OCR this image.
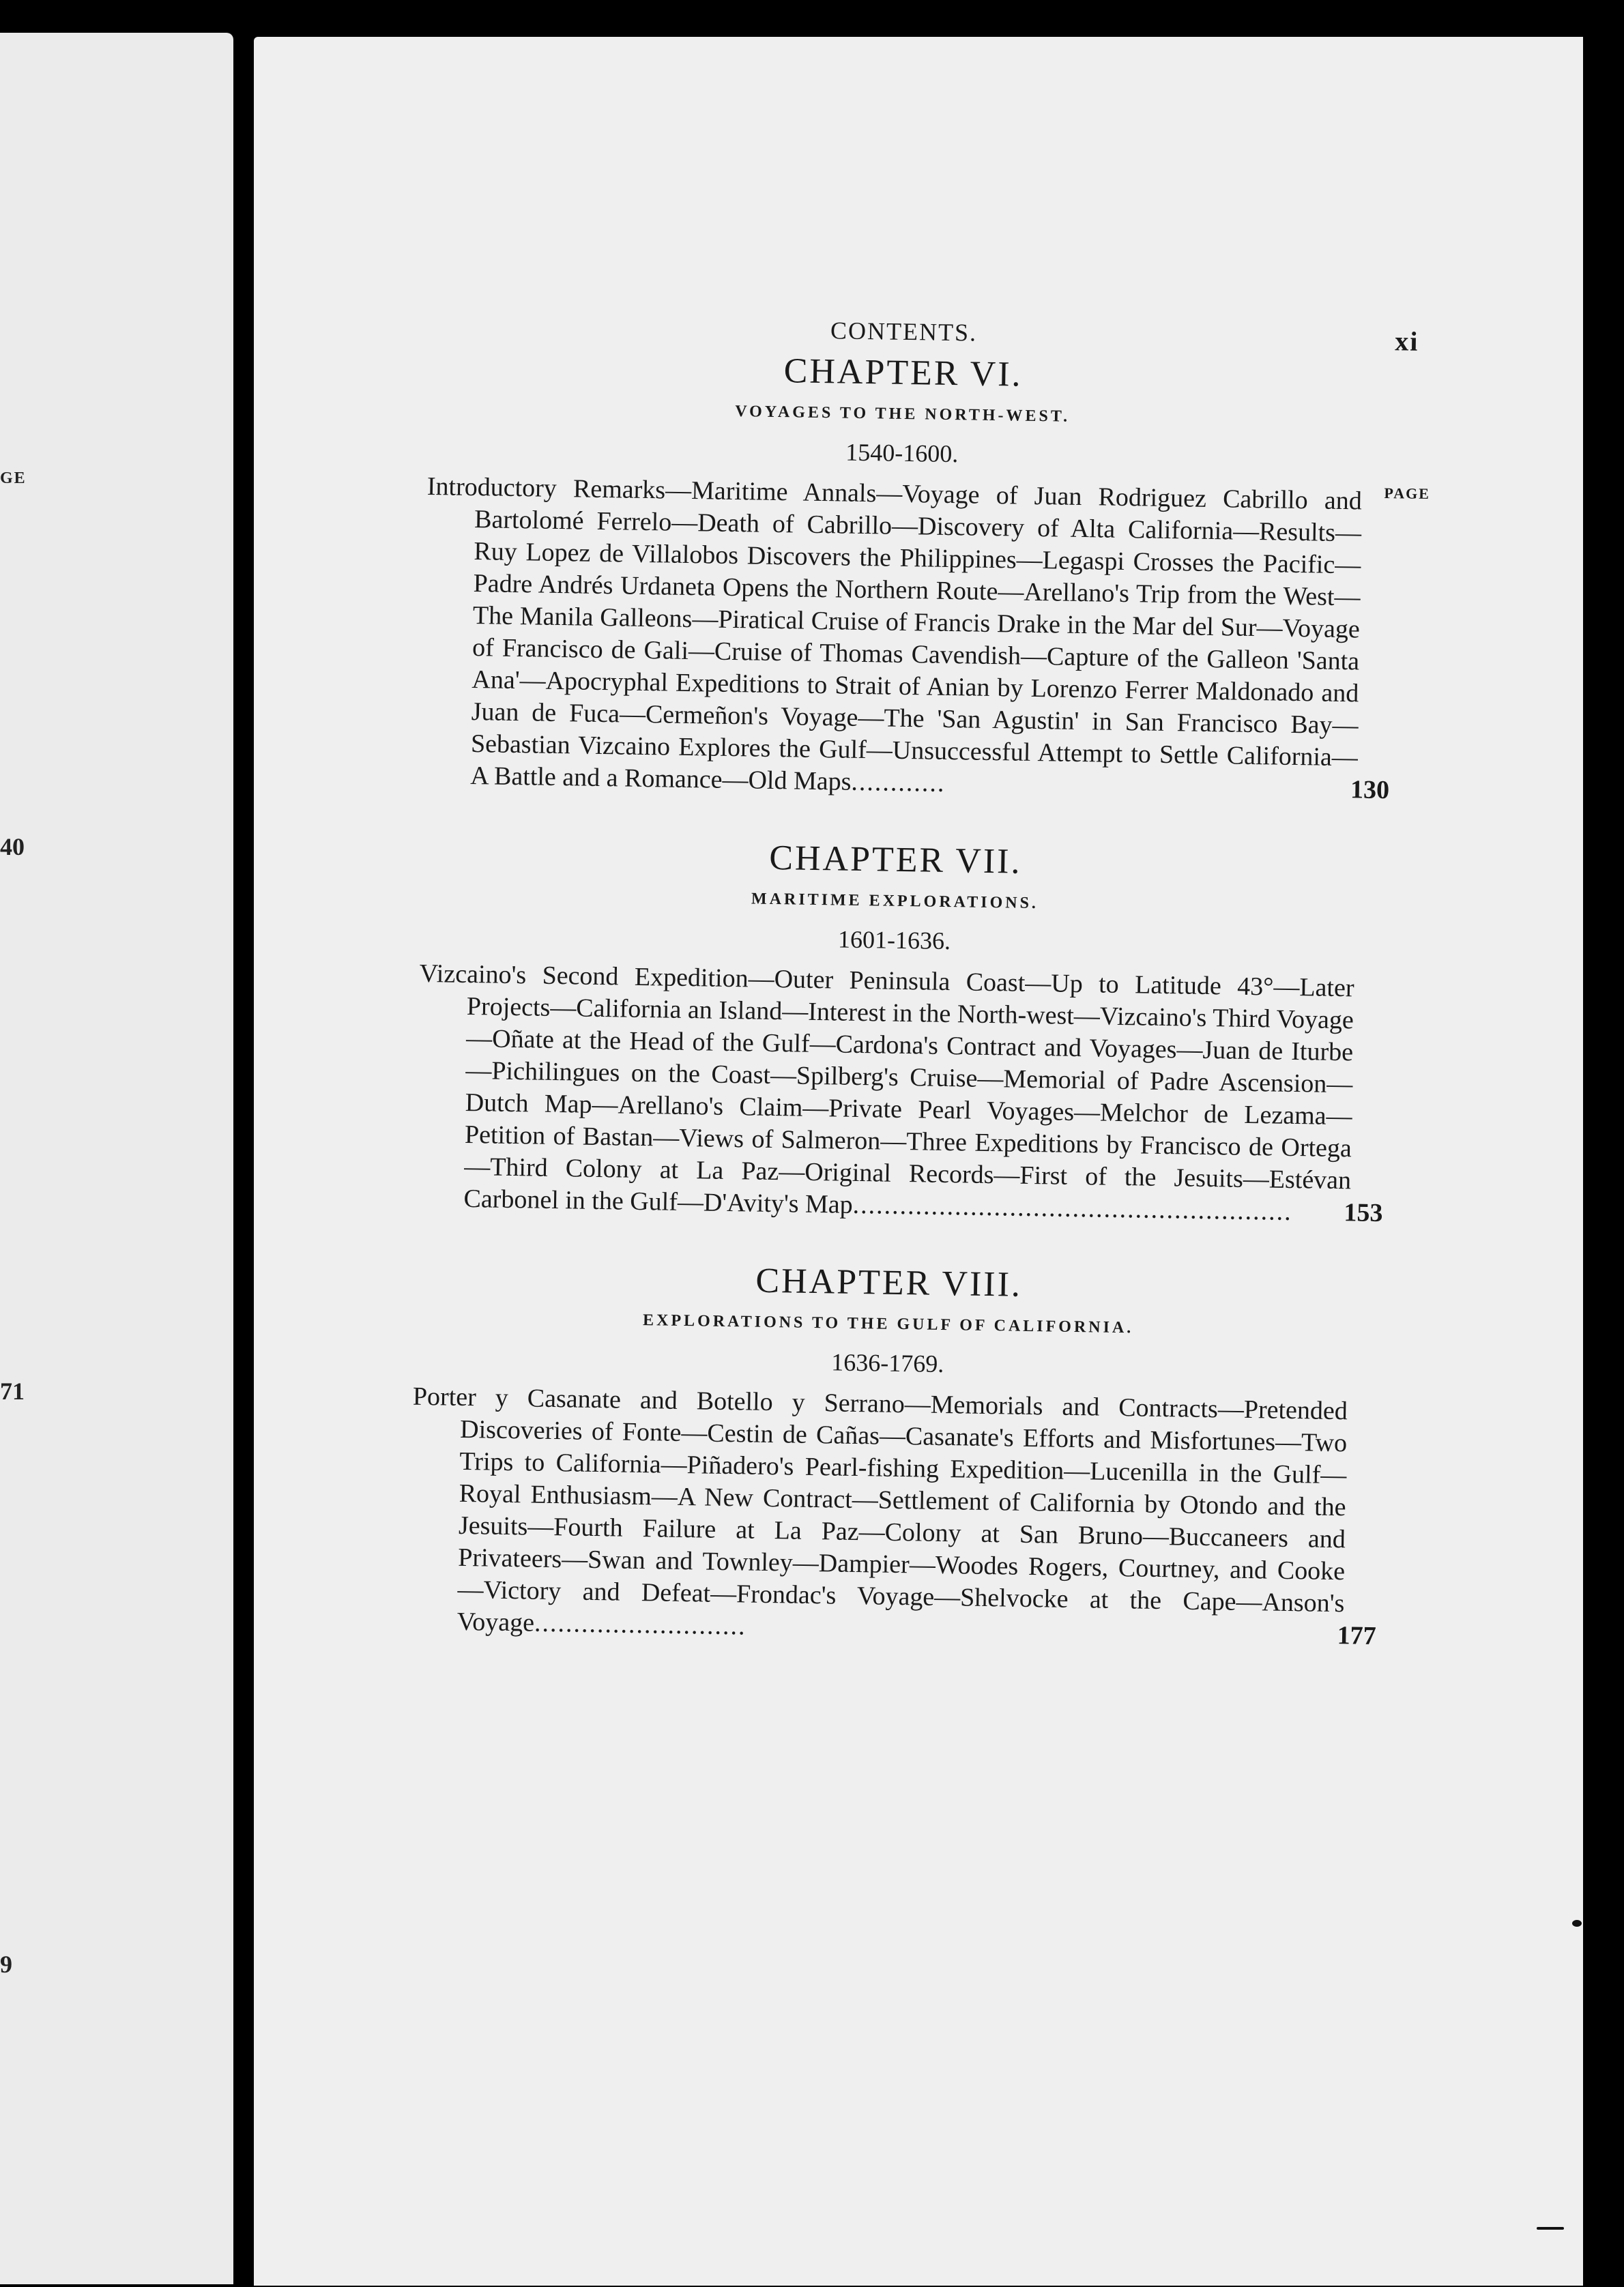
GE
40
71
9
CONTENTS.	xi
CHAPTER VI.
VOYAGES TO THE NORTH-WEST.
1540-1600.
PAGE
Introductory Remarks—Maritime Annals—Voyage of Juan Rodriguez Cabrillo and Bartolomé Ferrelo—Death of Cabrillo—Discovery of Alta California—Results—Ruy Lopez de Villalobos Discovers the Philippines—Legaspi Crosses the Pacific—Padre Andrés Urdaneta Opens the Northern Route—Arellano's Trip from the West—The Manila Galleons—Piratical Cruise of Francis Drake in the Mar del Sur—Voyage of Francisco de Gali—Cruise of Thomas Cavendish—Capture of the Galleon 'Santa Ana'—Apocryphal Expeditions to Strait of Anian by Lorenzo Ferrer Maldonado and Juan de Fuca—Cermeñon's Voyage—The 'San Agustin' in San Francisco Bay—Sebastian Vizcaino Explores the Gulf—Unsuccessful Attempt to Settle California—A Battle and a Romance—Old Maps............	130
CHAPTER VII.
MARITIME EXPLORATIONS.
1601-1636.
Vizcaino's Second Expedition—Outer Peninsula Coast—Up to Latitude 43°—Later Projects—California an Island—Interest in the North-west—Vizcaino's Third Voyage—Oñate at the Head of the Gulf—Cardona's Contract and Voyages—Juan de Iturbe—Pichilingues on the Coast—Spilberg's Cruise—Memorial of Padre Ascension—Dutch Map—Arellano's Claim—Private Pearl Voyages—Melchor de Lezama—Petition of Bastan—Views of Salmeron—Three Expeditions by Francisco de Ortega—Third Colony at La Paz—Original Records—First of the Jesuits—Estévan Carbonel in the Gulf—D'Avity's Map........................................................ 153
CHAPTER VIII.
EXPLORATIONS TO THE GULF OF CALIFORNIA.
1636-1769.
Porter y Casanate and Botello y Serrano—Memorials and Contracts—Pretended Discoveries of Fonte—Cestin de Cañas—Casanate's Efforts and Misfortunes—Two Trips to California—Piñadero's Pearl-fishing Expedition—Lucenilla in the Gulf—Royal Enthusiasm—A New Contract—Settlement of California by Otondo and the Jesuits—Fourth Failure at La Paz—Colony at San Bruno—Buccaneers and Privateers—Swan and Townley—Dampier—Woodes Rogers, Courtney, and Cooke—Victory and Defeat—Frondac's Voyage—Shelvocke at the Cape—Anson's Voyage...........................	177
